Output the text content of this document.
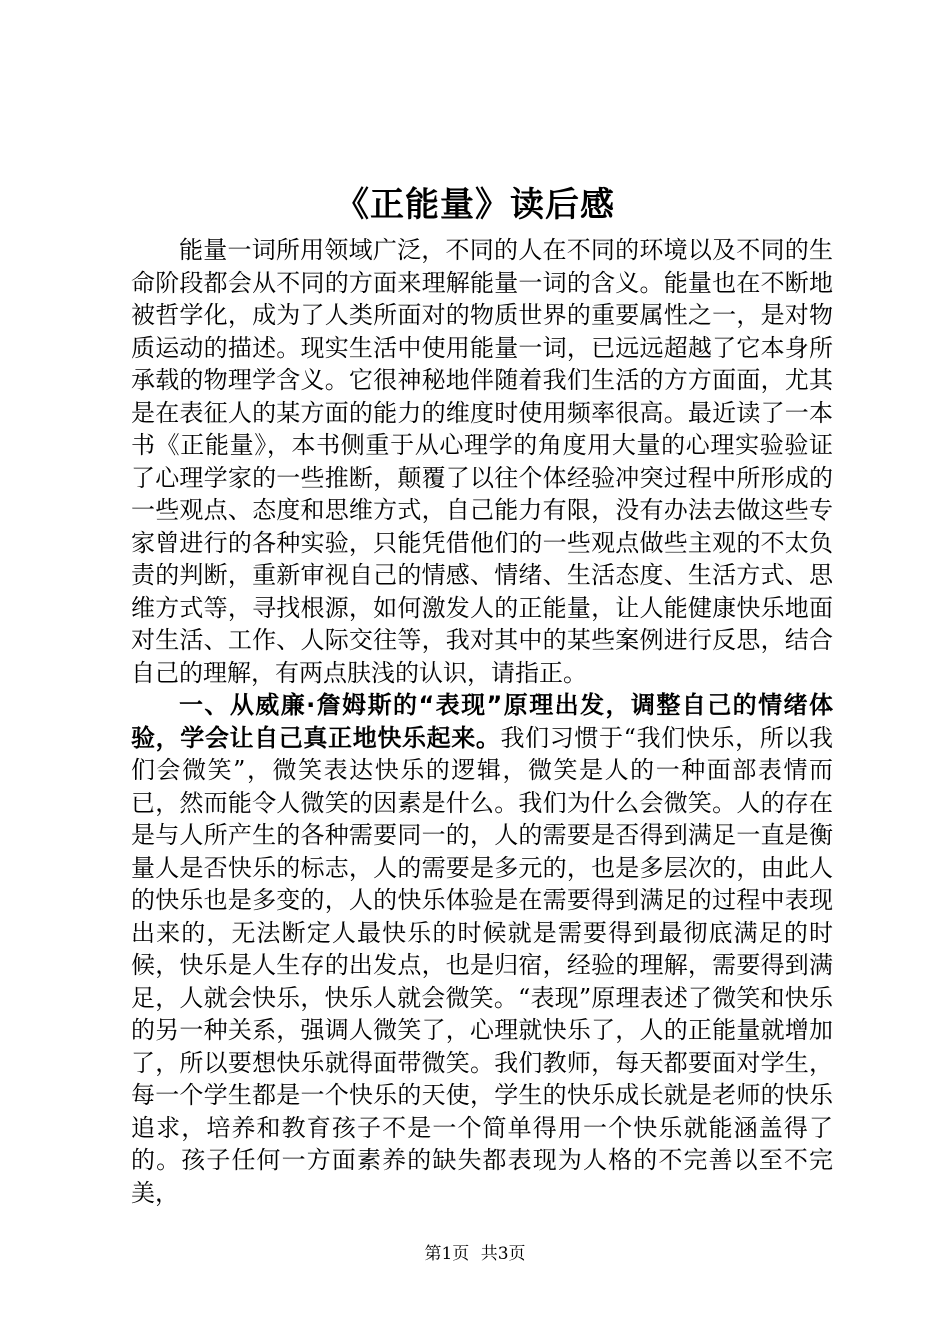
《正能量》读后感

能量一词所用领域广泛，不同的人在不同的环境以及不同的生命阶段都会从不同的方面来理解能量一词的含义。能量也在不断地被哲学化，成为了人类所面对的物质世界的重要属性之一，是对物质运动的描述。现实生活中使用能量一词，已远远超越了它本身所承载的物理学含义。它很神秘地伴随着我们生活的方方面面，尤其是在表征人的某方面的能力的维度时使用频率很高。最近读了一本书《正能量》，本书侧重于从心理学的角度用大量的心理实验验证了心理学家的一些推断，颠覆了以往个体经验冲突过程中所形成的一些观点、态度和思维方式，自己能力有限，没有办法去做这些专家曾进行的各种实验，只能凭借他们的一些观点做些主观的不太负责的判断，重新审视自己的情感、情绪、生活态度、生活方式、思维方式等，寻找根源，如何激发人的正能量，让人能健康快乐地面对生活、工作、人际交往等，我对其中的某些案例进行反思，结合自己的理解，有两点肤浅的认识，请指正。

一、从威廉·詹姆斯的“表现”原理出发，调整自己的情绪体验，学会让自己真正地快乐起来。我们习惯于“我们快乐，所以我们会微笑”，微笑表达快乐的逻辑，微笑是人的一种面部表情而已，然而能令人微笑的因素是什么。我们为什么会微笑。人的存在是与人所产生的各种需要同一的，人的需要是否得到满足一直是衡量人是否快乐的标志，人的需要是多元的，也是多层次的，由此人的快乐也是多变的，人的快乐体验是在需要得到满足的过程中表现出来的，无法断定人最快乐的时候就是需要得到最彻底满足的时候，快乐是人生存的出发点，也是归宿，经验的理解，需要得到满足，人就会快乐，快乐人就会微笑。“表现”原理表述了微笑和快乐的另一种关系，强调人微笑了，心理就快乐了，人的正能量就增加了，所以要想快乐就得面带微笑。我们教师，每天都要面对学生，每一个学生都是一个快乐的天使，学生的快乐成长就是老师的快乐追求，培养和教育孩子不是一个简单得用一个快乐就能涵盖得了的。孩子任何一方面素养的缺失都表现为人格的不完善以至不完美，

第1页 共3页
